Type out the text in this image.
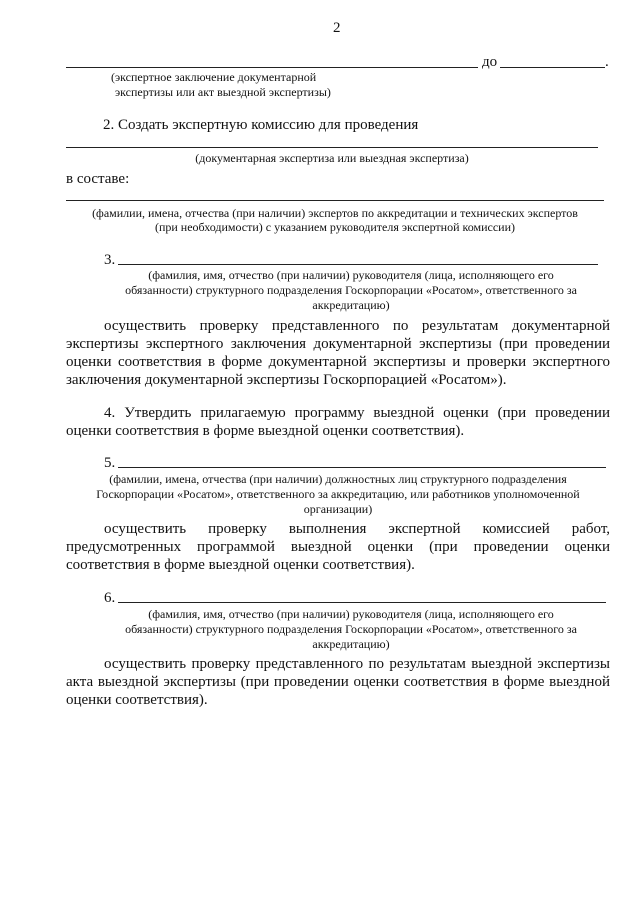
2
до	.
(экспертное заключение документарной
экспертизы или акт выездной экспертизы)
2. Создать экспертную комиссию для проведения
(документарная экспертиза или выездная экспертиза)
в составе:
(фамилии, имена, отчества (при наличии) экспертов по аккредитации и технических экспертов
(при необходимости) с указанием руководителя экспертной комиссии)
3.
(фамилия, имя, отчество (при наличии) руководителя (лица, исполняющего его
обязанности) структурного подразделения Госкорпорации «Росатом», ответственного за
аккредитацию)
осуществить проверку представленного по результатам документарной
экспертизы экспертного заключения документарной экспертизы (при проведении
оценки соответствия в форме документарной экспертизы и проверки экспертного
заключения документарной экспертизы Госкорпорацией «Росатом»).
4. Утвердить прилагаемую программу выездной оценки (при проведении
оценки соответствия в форме выездной оценки соответствия).
5.
(фамилии, имена, отчества (при наличии) должностных лиц структурного подразделения
Госкорпорации «Росатом», ответственного за аккредитацию, или работников уполномоченной
организации)
осуществить проверку выполнения экспертной комиссией работ,
предусмотренных программой выездной оценки (при проведении оценки
соответствия в форме выездной оценки соответствия).
6.
(фамилия, имя, отчество (при наличии) руководителя (лица, исполняющего его
обязанности) структурного подразделения Госкорпорации «Росатом», ответственного за
аккредитацию)
осуществить проверку представленного по результатам выездной экспертизы
акта выездной экспертизы (при проведении оценки соответствия в форме выездной
оценки соответствия).
